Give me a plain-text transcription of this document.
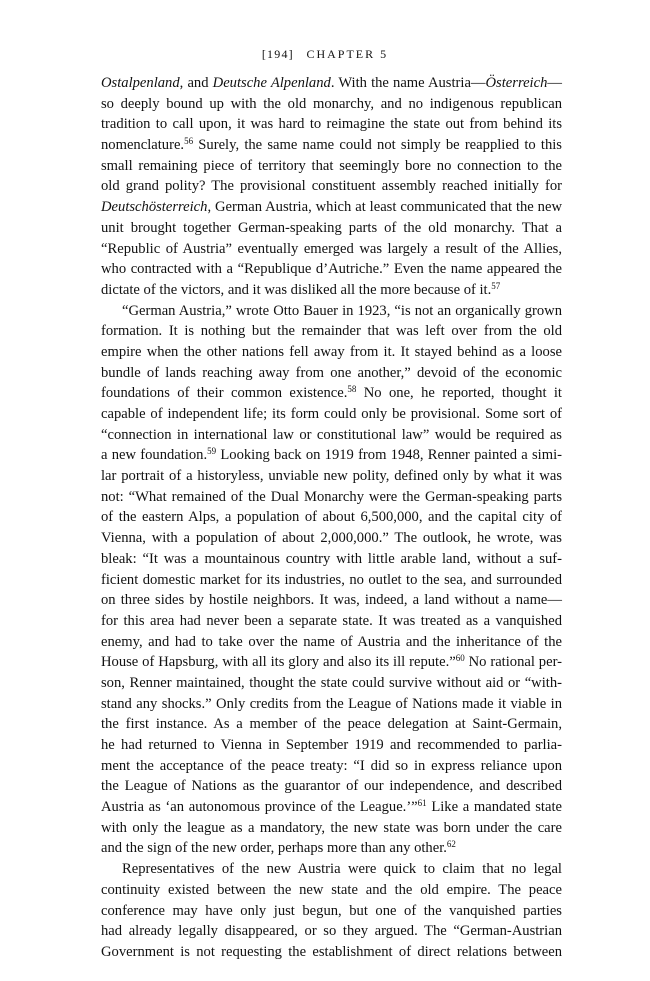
[194] CHAPTER 5
Ostalpenland, and Deutsche Alpenland. With the name Austria—Österreich—
so deeply bound up with the old monarchy, and no indigenous republican
tradition to call upon, it was hard to reimagine the state out from behind its
nomenclature.$^{56}$ Surely, the same name could not simply be reapplied to this
small remaining piece of territory that seemingly bore no connection to the
old grand polity? The provisional constituent assembly reached initially for
Deutschösterreich, German Austria, which at least communicated that the new
unit brought together German-speaking parts of the old monarchy. That a
“Republic of Austria” eventually emerged was largely a result of the Allies,
who contracted with a “Republique d’Autriche.” Even the name appeared the
dictate of the victors, and it was disliked all the more because of it.$^{57}$
“German Austria,” wrote Otto Bauer in 1923, “is not an organically grown
formation. It is nothing but the remainder that was left over from the old
empire when the other nations fell away from it. It stayed behind as a loose
bundle of lands reaching away from one another,” devoid of the economic
foundations of their common existence.$^{58}$ No one, he reported, thought it
capable of independent life; its form could only be provisional. Some sort of
“connection in international law or constitutional law” would be required as
a new foundation.$^{59}$ Looking back on 1919 from 1948, Renner painted a simi-
lar portrait of a historyless, unviable new polity, defined only by what it was
not: “What remained of the Dual Monarchy were the German-speaking parts
of the eastern Alps, a population of about 6,500,000, and the capital city of
Vienna, with a population of about 2,000,000.” The outlook, he wrote, was
bleak: “It was a mountainous country with little arable land, without a suf-
ficient domestic market for its industries, no outlet to the sea, and surrounded
on three sides by hostile neighbors. It was, indeed, a land without a name—
for this area had never been a separate state. It was treated as a vanquished
enemy, and had to take over the name of Austria and the inheritance of the
House of Hapsburg, with all its glory and also its ill repute.”$^{60}$ No rational per-
son, Renner maintained, thought the state could survive without aid or “with-
stand any shocks.” Only credits from the League of Nations made it viable in
the first instance. As a member of the peace delegation at Saint-Germain,
he had returned to Vienna in September 1919 and recommended to parlia-
ment the acceptance of the peace treaty: “I did so in express reliance upon
the League of Nations as the guarantor of our independence, and described
Austria as ‘an autonomous province of the League.’”$^{61}$ Like a mandated state
with only the league as a mandatory, the new state was born under the care
and the sign of the new order, perhaps more than any other.$^{62}$
Representatives of the new Austria were quick to claim that no legal
continuity existed between the new state and the old empire. The peace
conference may have only just begun, but one of the vanquished parties
had already legally disappeared, or so they argued. The “German-Austrian
Government is not requesting the establishment of direct relations between
